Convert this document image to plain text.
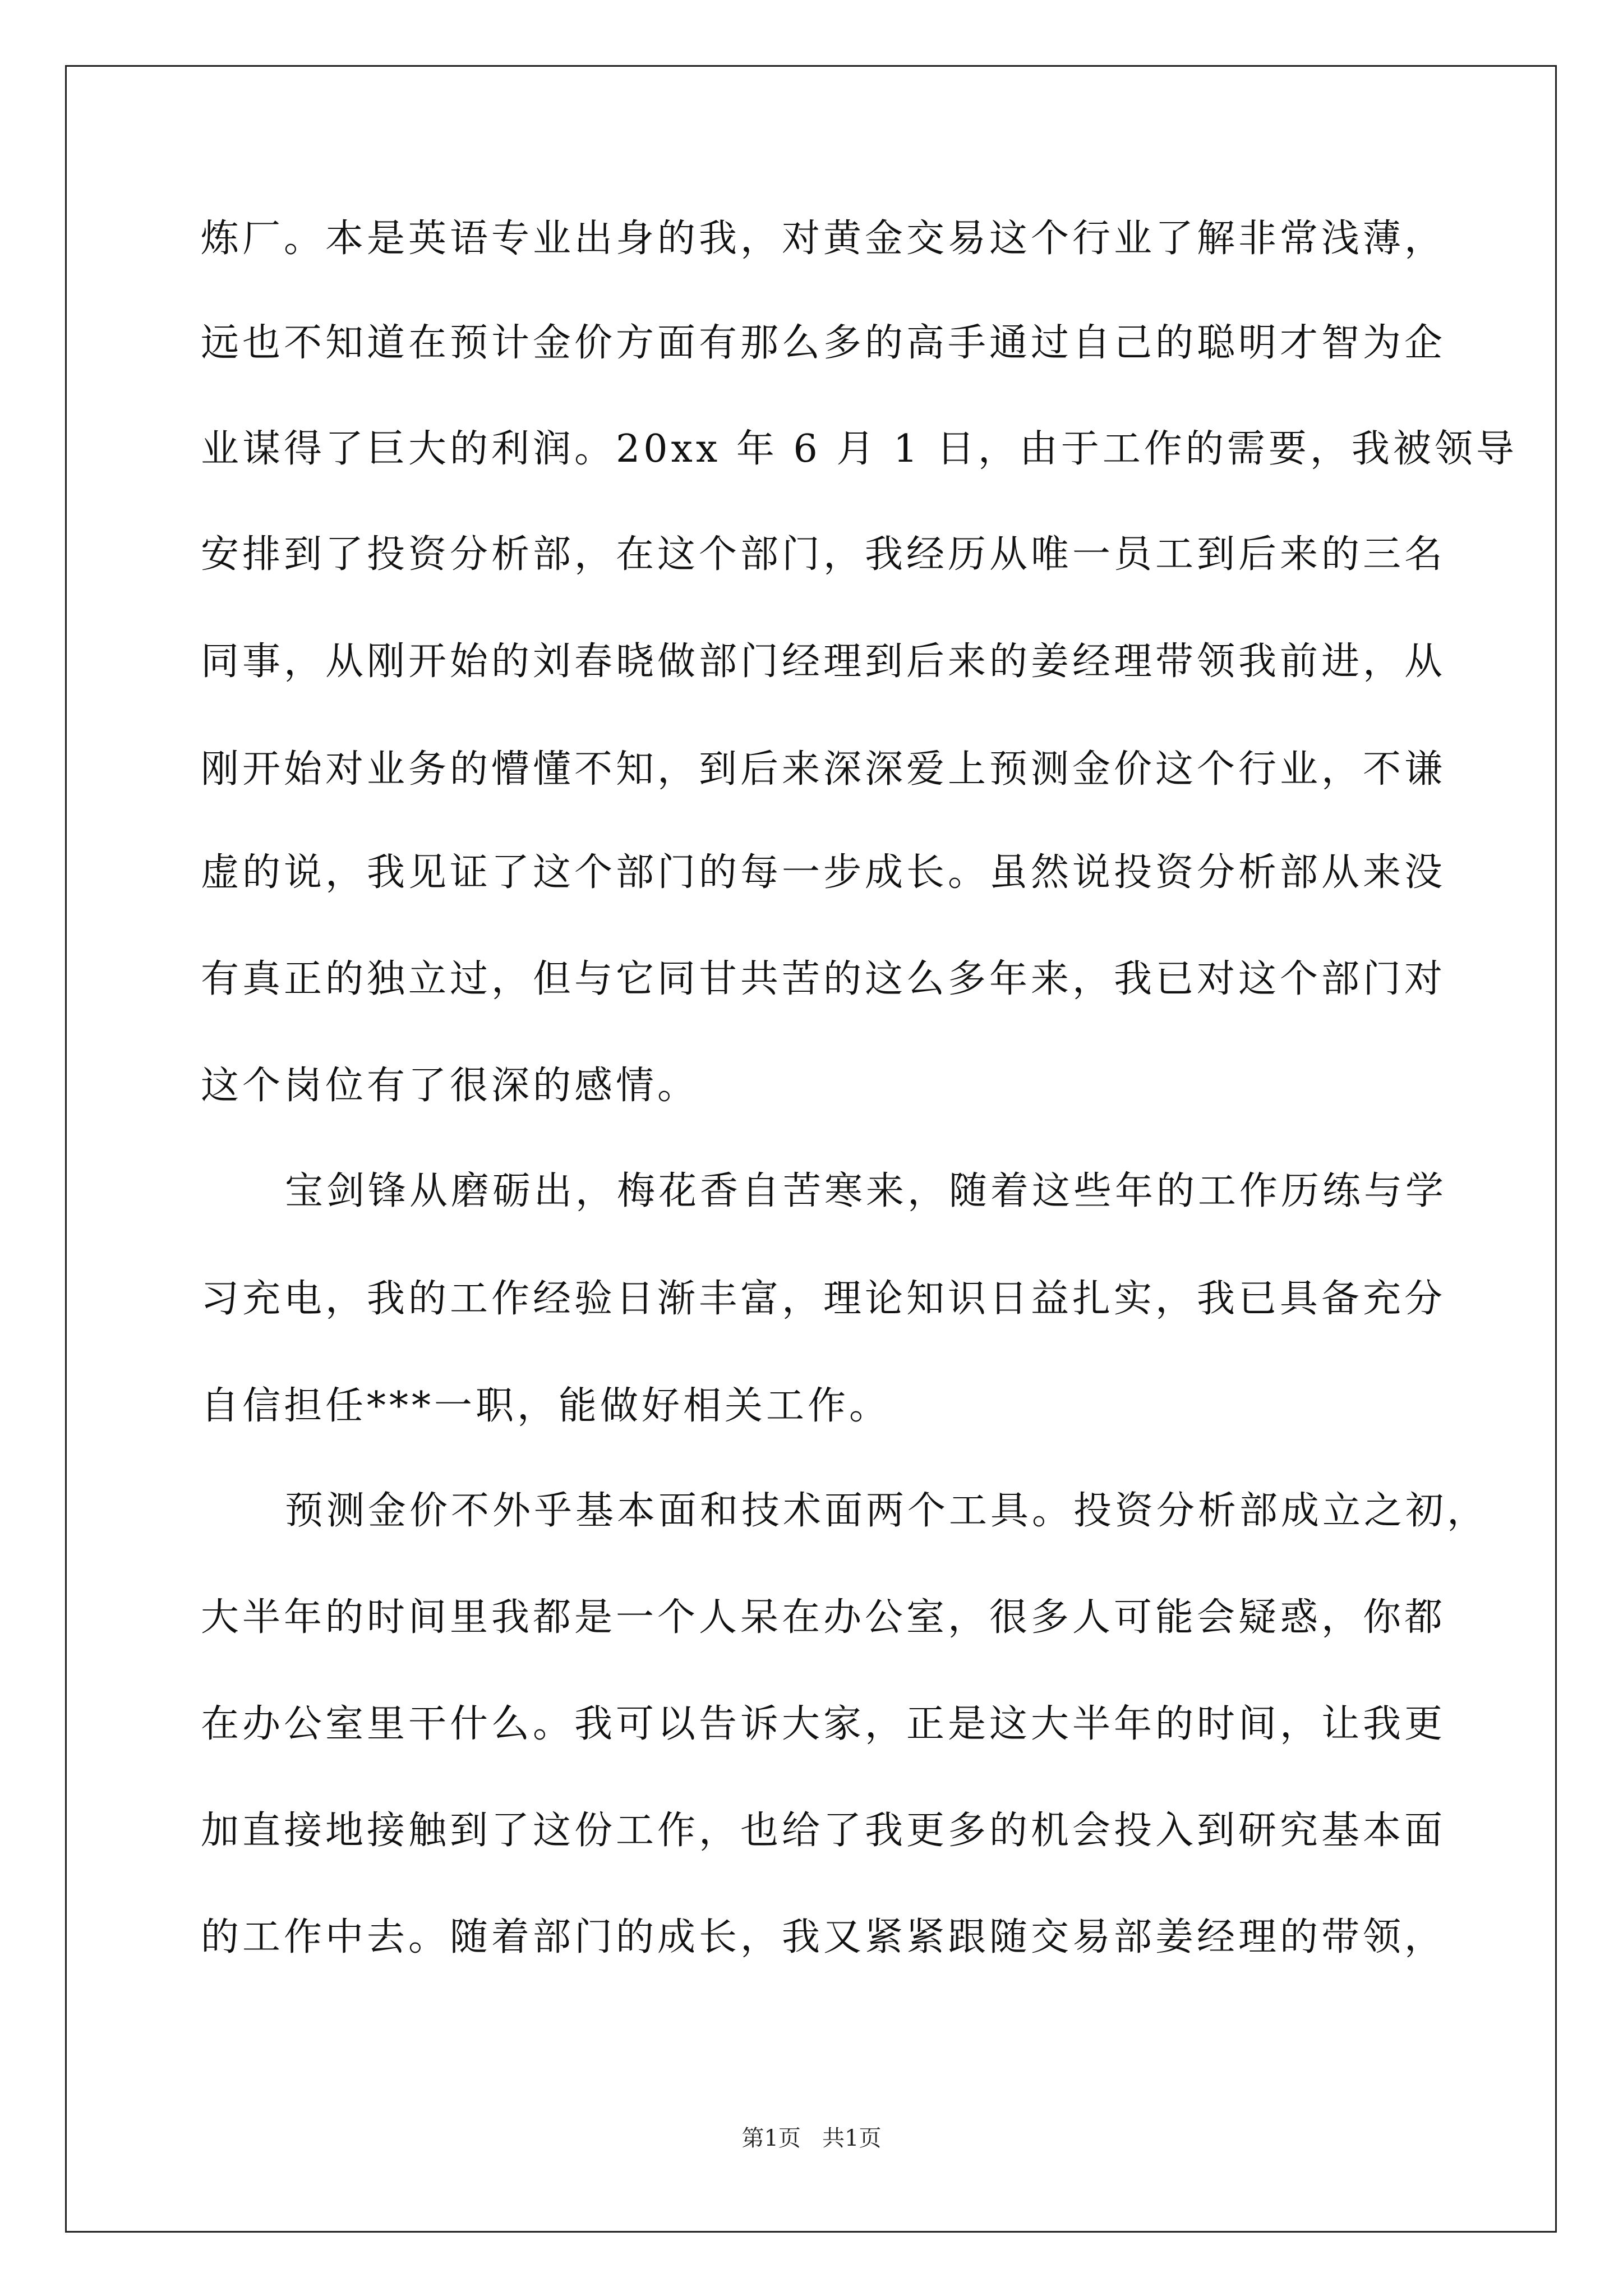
炼厂。本是英语专业出身的我，对黄金交易这个行业了解非常浅薄，
远也不知道在预计金价方面有那么多的高手通过自己的聪明才智为企
业谋得了巨大的利润。20xx 年 6 月 1 日，由于工作的需要，我被领导
安排到了投资分析部，在这个部门，我经历从唯一员工到后来的三名
同事，从刚开始的刘春晓做部门经理到后来的姜经理带领我前进，从
刚开始对业务的懵懂不知，到后来深深爱上预测金价这个行业，不谦
虚的说，我见证了这个部门的每一步成长。虽然说投资分析部从来没
有真正的独立过，但与它同甘共苦的这么多年来，我已对这个部门对
这个岗位有了很深的感情。
宝剑锋从磨砺出，梅花香自苦寒来，随着这些年的工作历练与学
习充电，我的工作经验日渐丰富，理论知识日益扎实，我已具备充分
自信担任***一职，能做好相关工作。
预测金价不外乎基本面和技术面两个工具。投资分析部成立之初，
大半年的时间里我都是一个人呆在办公室，很多人可能会疑惑，你都
在办公室里干什么。我可以告诉大家，正是这大半年的时间，让我更
加直接地接触到了这份工作，也给了我更多的机会投入到研究基本面
的工作中去。随着部门的成长，我又紧紧跟随交易部姜经理的带领，
第1页   共1页
